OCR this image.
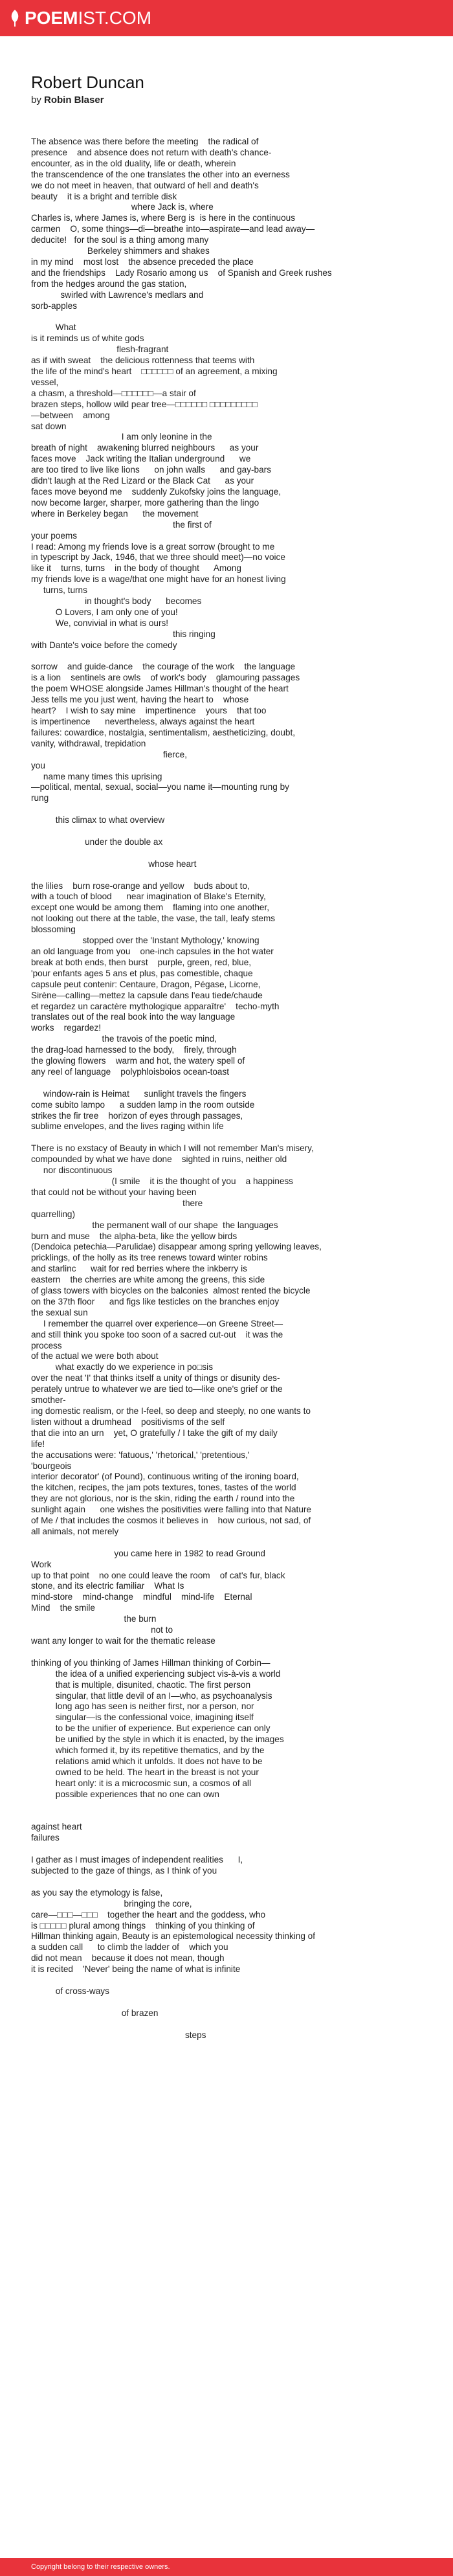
POEMIST.COM
Robert Duncan
by Robin Blaser
The absence was there before the meeting    the radical of
presence    and absence does not return with death's chance-
encounter, as in the old duality, life or death, wherein
the transcendence of the one translates the other into an everness
we do not meet in heaven, that outward of hell and death's
beauty    it is a bright and terrible disk
where Jack is, where
Charles is, where James is, where Berg is  is here in the continuous
carmen    O, some things—di—breathe into—aspirate—and lead away—
deducite!   for the soul is a thing among many
Berkeley shimmers and shakes
in my mind    most lost    the absence preceded the place
and the friendships    Lady Rosario among us    of Spanish and Greek rushes
from the hedges around the gas station,
swirled with Lawrence's medlars and
sorb-apples
What
is it reminds us of white gods
flesh-fragrant
as if with sweat    the delicious rottenness that teems with
the life of the mind's heart    □□□□□□ of an agreement, a mixing
vessel,
a chasm, a threshold—□□□□□□—a stair of
brazen steps, hollow wild pear tree—□□□□□□ □□□□□□□□□
—between    among
sat down
I am only leonine in the
breath of night    awakening blurred neighbours      as your
faces move    Jack writing the Italian underground      we
are too tired to live like lions      on john walls      and gay-bars
didn't laugh at the Red Lizard or the Black Cat      as your
faces move beyond me    suddenly Zukofsky joins the language,
now become larger, sharper, more gathering than the lingo
where in Berkeley began      the movement
the first of
your poems
I read: Among my friends love is a great sorrow (brought to me
in typescript by Jack, 1946, that we three should meet)—no voice
like it    turns, turns    in the body of thought      Among
my friends love is a wage/that one might have for an honest living
turns, turns
in thought's body      becomes
O Lovers, I am only one of you!
We, convivial in what is ours!
this ringing
with Dante's voice before the comedy
sorrow    and guide-dance    the courage of the work    the language
is a lion    sentinels are owls    of work's body    glamouring passages
the poem WHOSE alongside James Hillman's thought of the heart
Jess tells me you just went, having the heart to    whose
heart?    I wish to say mine    impertinence    yours    that too
is impertinence      nevertheless, always against the heart
failures: cowardice, nostalgia, sentimentalism, aestheticizing, doubt,
vanity, withdrawal, trepidation
fierce,
you
name many times this uprising
—political, mental, sexual, social—you name it—mounting rung by
rung
this climax to what overview
under the double ax
whose heart
the lilies    burn rose-orange and yellow    buds about to,
with a touch of blood      near imagination of Blake's Eternity,
except one would be among them    flaming into one another,
not looking out there at the table, the vase, the tall, leafy stems
blossoming
stopped over the 'Instant Mythology,' knowing
an old language from you    one-inch capsules in the hot water
break at both ends, then burst    purple, green, red, blue,
'pour enfants ages 5 ans et plus, pas comestible, chaque
capsule peut contenir: Centaure, Dragon, Pégase, Licorne,
Sirène—calling—mettez la capsule dans l'eau tiede/chaude
et regardez un caractère mythologique apparaître'    techo-myth
translates out of the real book into the way language
works    regardez!
the travois of the poetic mind,
the drag-load harnessed to the body,    firely, through
the glowing flowers    warm and hot, the watery spell of
any reel of language    polyphloisboios ocean-toast
window-rain is Heimat      sunlight travels the fingers
come subito lampo      a sudden lamp in the room outside
strikes the fir tree    horizon of eyes through passages,
sublime envelopes, and the lives raging within life
There is no exstacy of Beauty in which I will not remember Man's misery,
compounded by what we have done    sighted in ruins, neither old
nor discontinuous
(I smile    it is the thought of you    a happiness
that could not be without your having been
there
quarrelling)
the permanent wall of our shape  the languages
burn and muse    the alpha-beta, like the yellow birds
(Dendoica petechia—Parulidae) disappear among spring yellowing leaves,
pricklings, of the holly as its tree renews toward winter robins
and starlinc      wait for red berries where the inkberry is
eastern    the cherries are white among the greens, this side
of glass towers with bicycles on the balconies  almost rented the bicycle
on the 37th floor      and figs like testicles on the branches enjoy
the sexual sun
I remember the quarrel over experience—on Greene Street—
and still think you spoke too soon of a sacred cut-out    it was the
process
of the actual we were both about
what exactly do we experience in po□sis
over the neat 'I' that thinks itself a unity of things or disunity des-
perately untrue to whatever we are tied to—like one's grief or the
smother-
ing domestic realism, or the I-feel, so deep and steeply, no one wants to
listen without a drumhead    positivisms of the self
that die into an urn    yet, O gratefully / I take the gift of my daily
life!
the accusations were: 'fatuous,' 'rhetorical,' 'pretentious,'
'bourgeois
interior decorator' (of Pound), continuous writing of the ironing board,
the kitchen, recipes, the jam pots textures, tones, tastes of the world
they are not glorious, nor is the skin, riding the earth / round into the
sunlight again      one wishes the positivities were falling into that Nature
of Me / that includes the cosmos it believes in    how curious, not sad, of
all animals, not merely
you came here in 1982 to read Ground
Work
up to that point    no one could leave the room    of cat's fur, black
stone, and its electric familiar    What Is
mind-store    mind-change    mindful    mind-life    Eternal
Mind    the smile
the burn
not to
want any longer to wait for the thematic release
thinking of you thinking of James Hillman thinking of Corbin—
the idea of a unified experiencing subject vis-à-vis a world
that is multiple, disunited, chaotic. The first person
singular, that little devil of an I—who, as psychoanalysis
long ago has seen is neither first, nor a person, nor
singular—is the confessional voice, imagining itself
to be the unifier of experience. But experience can only
be unified by the style in which it is enacted, by the images
which formed it, by its repetitive thematics, and by the
relations amid which it unfolds. It does not have to be
owned to be held. The heart in the breast is not your
heart only: it is a microcosmic sun, a cosmos of all
possible experiences that no one can own
against heart
failures
I gather as I must images of independent realities      I,
subjected to the gaze of things, as I think of you
as you say the etymology is false,
bringing the core,
care—□□□—□□□    together the heart and the goddess, who
is □□□□□ plural among things    thinking of you thinking of
Hillman thinking again, Beauty is an epistemological necessity thinking of
a sudden call      to climb the ladder of    which you
did not mean    because it does not mean, though
it is recited    'Never' being the name of what is infinite
of cross-ways
of brazen
steps
Copyright belong to their respective owners.
